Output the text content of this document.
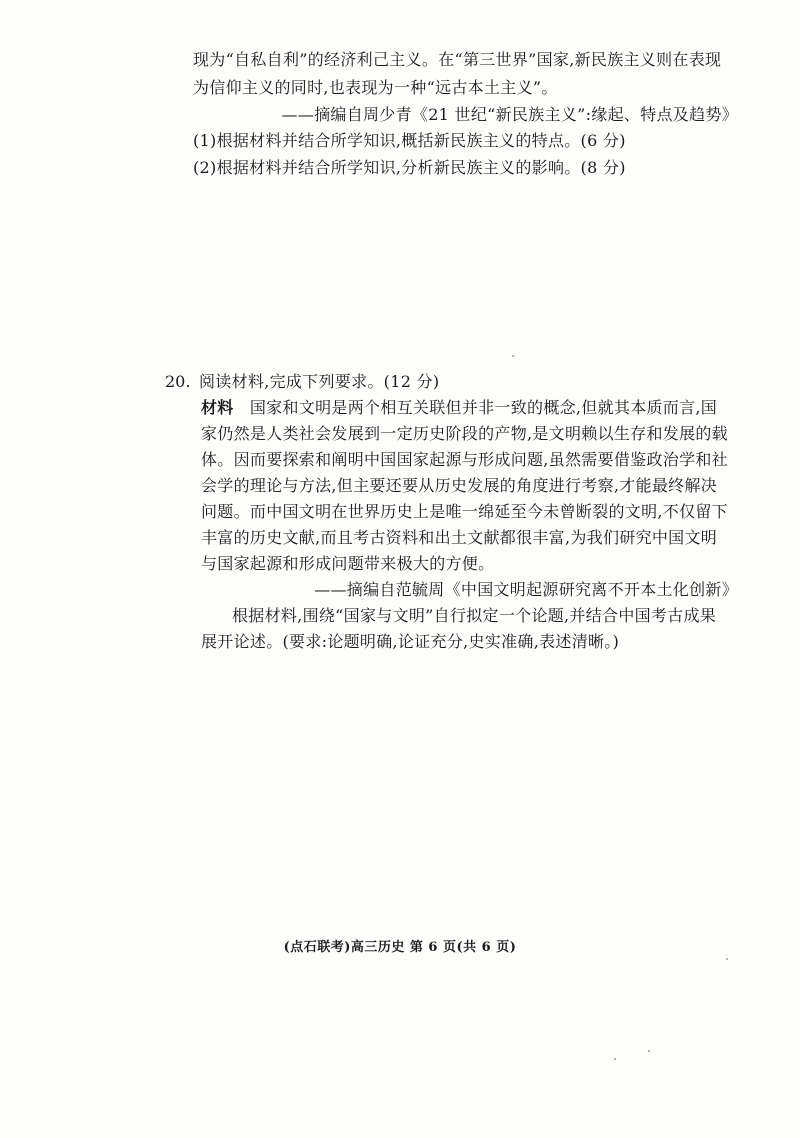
现为“自私自利”的经济利己主义。在“第三世界”国家,新民族主义则在表现
为信仰主义的同时,也表现为一种“远古本土主义”。
——摘编自周少青《21 世纪“新民族主义”:缘起、特点及趋势》
(1)根据材料并结合所学知识,概括新民族主义的特点。(6 分)
(2)根据材料并结合所学知识,分析新民族主义的影响。(8 分)
20. 阅读材料,完成下列要求。(12 分)
材料  国家和文明是两个相互关联但并非一致的概念,但就其本质而言,国
家仍然是人类社会发展到一定历史阶段的产物,是文明赖以生存和发展的载
体。因而要探索和阐明中国国家起源与形成问题,虽然需要借鉴政治学和社
会学的理论与方法,但主要还要从历史发展的角度进行考察,才能最终解决
问题。而中国文明在世界历史上是唯一绵延至今未曾断裂的文明,不仅留下
丰富的历史文献,而且考古资料和出土文献都很丰富,为我们研究中国文明
与国家起源和形成问题带来极大的方便。
——摘编自范毓周《中国文明起源研究离不开本土化创新》
根据材料,围绕“国家与文明”自行拟定一个论题,并结合中国考古成果
展开论述。(要求:论题明确,论证充分,史实准确,表述清晰。)
(点石联考)高三历史 第 6 页(共 6 页)
